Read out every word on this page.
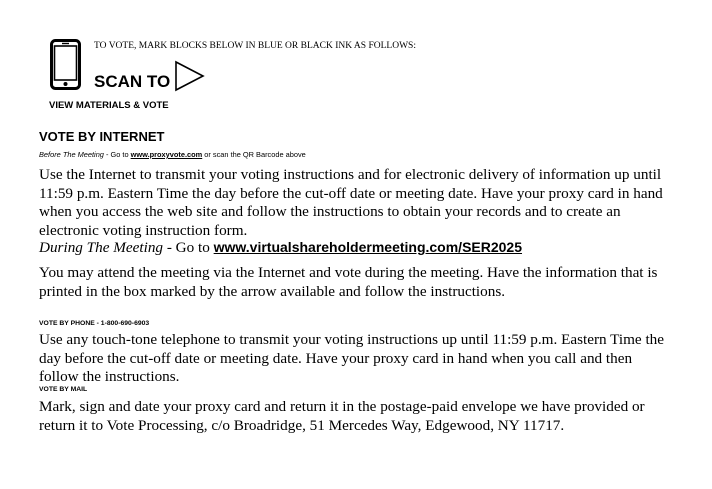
TO VOTE, MARK BLOCKS BELOW IN BLUE OR BLACK INK AS FOLLOWS:
SCAN TO
VIEW MATERIALS & VOTE
VOTE BY INTERNET
Before The Meeting - Go to www.proxyvote.com or scan the QR Barcode above
Use the Internet to transmit your voting instructions and for electronic delivery of information up until 11:59 p.m. Eastern Time the day before the cut-off date or meeting date. Have your proxy card in hand when you access the web site and follow the instructions to obtain your records and to create an electronic voting instruction form.
During The Meeting - Go to www.virtualshareholdermeeting.com/SER2025
You may attend the meeting via the Internet and vote during the meeting. Have the information that is printed in the box marked by the arrow available and follow the instructions.
VOTE BY PHONE - 1-800-690-6903
Use any touch-tone telephone to transmit your voting instructions up until 11:59 p.m. Eastern Time the day before the cut-off date or meeting date. Have your proxy card in hand when you call and then follow the instructions.
VOTE BY MAIL
Mark, sign and date your proxy card and return it in the postage-paid envelope we have provided or return it to Vote Processing, c/o Broadridge, 51 Mercedes Way, Edgewood, NY 11717.
